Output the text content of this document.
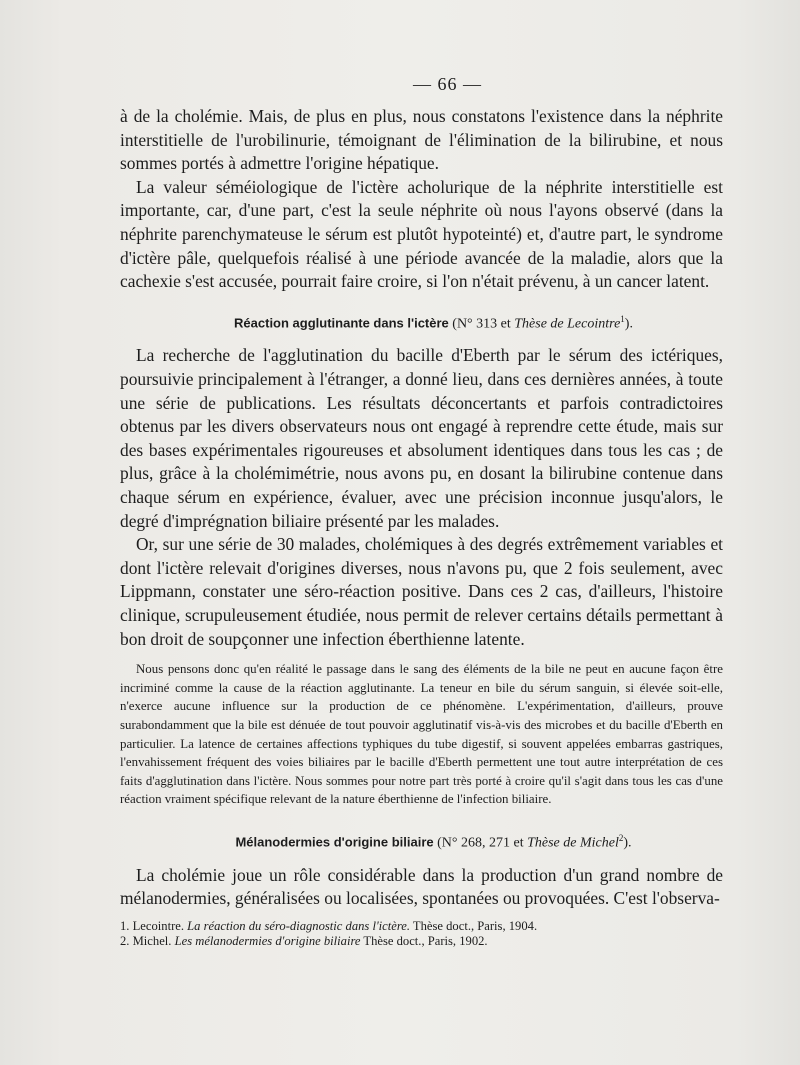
— 66 —

à de la cholémie. Mais, de plus en plus, nous constatons l'existence dans la néphrite interstitielle de l'urobilinurie, témoignant de l'élimination de la bilirubine, et nous sommes portés à admettre l'origine hépatique.

La valeur séméiologique de l'ictère acholurique de la néphrite interstitielle est importante, car, d'une part, c'est la seule néphrite où nous l'ayons observé (dans la néphrite parenchymateuse le sérum est plutôt hypoteinté) et, d'autre part, le syndrome d'ictère pâle, quelquefois réalisé à une période avancée de la maladie, alors que la cachexie s'est accusée, pourrait faire croire, si l'on n'était prévenu, à un cancer latent.

Réaction agglutinante dans l'ictère (N° 313 et Thèse de Lecointre$^1$).

La recherche de l'agglutination du bacille d'Eberth par le sérum des ictériques, poursuivie principalement à l'étranger, a donné lieu, dans ces dernières années, à toute une série de publications. Les résultats déconcertants et parfois contradictoires obtenus par les divers observateurs nous ont engagé à reprendre cette étude, mais sur des bases expérimentales rigoureuses et absolument identiques dans tous les cas ; de plus, grâce à la cholémimétrie, nous avons pu, en dosant la bilirubine contenue dans chaque sérum en expérience, évaluer, avec une précision inconnue jusqu'alors, le degré d'imprégnation biliaire présenté par les malades.

Or, sur une série de 30 malades, cholémiques à des degrés extrêmement variables et dont l'ictère relevait d'origines diverses, nous n'avons pu, que 2 fois seulement, avec Lippmann, constater une séro-réaction positive. Dans ces 2 cas, d'ailleurs, l'histoire clinique, scrupuleusement étudiée, nous permit de relever certains détails permettant à bon droit de soupçonner une infection éberthienne latente.

Nous pensons donc qu'en réalité le passage dans le sang des éléments de la bile ne peut en aucune façon être incriminé comme la cause de la réaction agglutinante. La teneur en bile du sérum sanguin, si élevée soit-elle, n'exerce aucune influence sur la production de ce phénomène. L'expérimentation, d'ailleurs, prouve surabondamment que la bile est dénuée de tout pouvoir agglutinatif vis-à-vis des microbes et du bacille d'Eberth en particulier. La latence de certaines affections typhiques du tube digestif, si souvent appelées embarras gastriques, l'envahissement fréquent des voies biliaires par le bacille d'Eberth permettent une tout autre interprétation de ces faits d'agglutination dans l'ictère. Nous sommes pour notre part très porté à croire qu'il s'agit dans tous les cas d'une réaction vraiment spécifique relevant de la nature éberthienne de l'infection biliaire.

Mélanodermies d'origine biliaire (N° 268, 271 et Thèse de Michel$^2$).

La cholémie joue un rôle considérable dans la production d'un grand nombre de mélanodermies, généralisées ou localisées, spontanées ou provoquées. C'est l'observa-

1. Lecointre. La réaction du séro-diagnostic dans l'ictère. Thèse doct., Paris, 1904.
2. Michel. Les mélanodermies d'origine biliaire Thèse doct., Paris, 1902.
